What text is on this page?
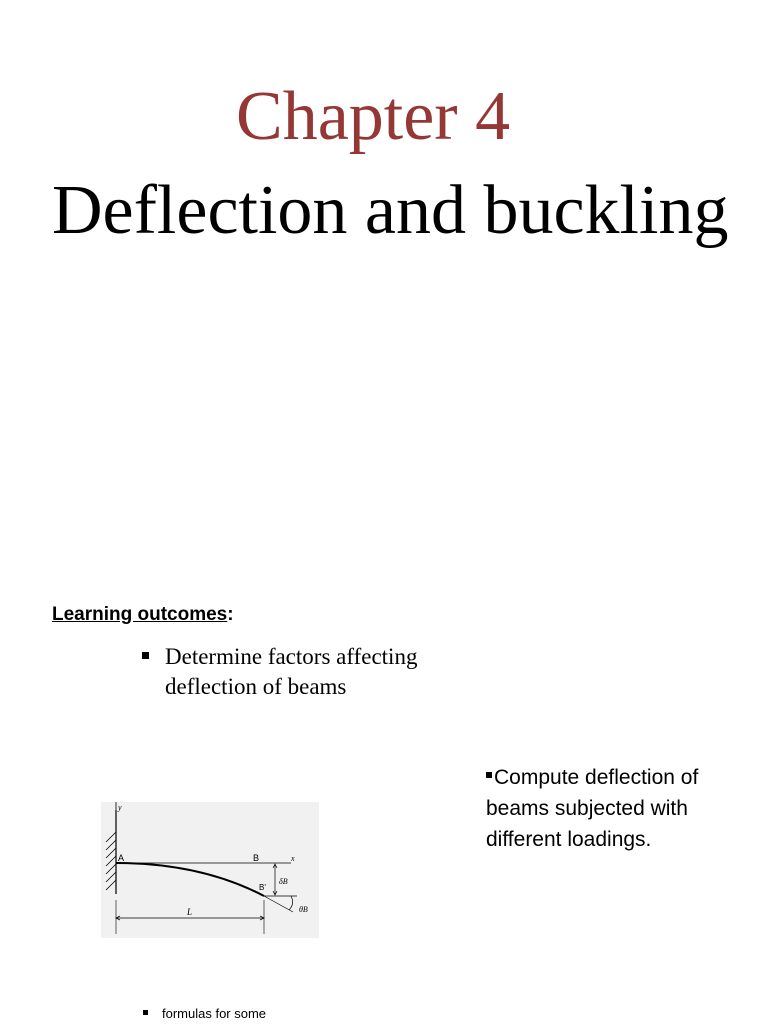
Chapter 4
Deflection and buckling
Learning outcomes:
Determine factors affecting deflection of beams
Compute deflection of beams subjected with different loadings.
y
x
A	B
B'
δB
θB
L
formulas for some
